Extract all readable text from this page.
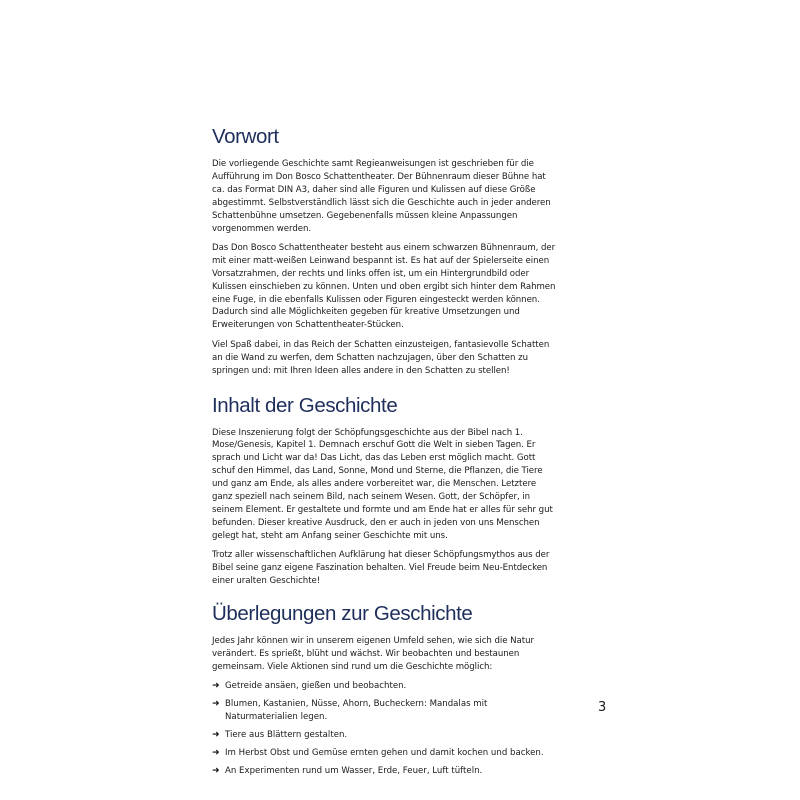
Vorwort

Die vorliegende Geschichte samt Regieanweisungen ist geschrieben für die Aufführung im Don Bosco Schattentheater. Der Bühnenraum dieser Bühne hat ca. das Format DIN A3, daher sind alle Figuren und Kulissen auf diese Größe abgestimmt. Selbstverständlich lässt sich die Geschichte auch in jeder anderen Schattenbühne umsetzen. Gegebenenfalls müssen kleine Anpassungen vorgenommen werden.

Das Don Bosco Schattentheater besteht aus einem schwarzen Bühnenraum, der mit einer matt-weißen Leinwand bespannt ist. Es hat auf der Spielerseite einen Vorsatzrahmen, der rechts und links offen ist, um ein Hintergrundbild oder Kulissen einschieben zu können. Unten und oben ergibt sich hinter dem Rahmen eine Fuge, in die ebenfalls Kulissen oder Figuren eingesteckt werden können. Dadurch sind alle Möglichkeiten gegeben für kreative Umsetzungen und Erweiterungen von Schattentheater-Stücken.

Viel Spaß dabei, in das Reich der Schatten einzusteigen, fantasievolle Schatten an die Wand zu werfen, dem Schatten nachzujagen, über den Schatten zu springen und: mit Ihren Ideen alles andere in den Schatten zu stellen!

Inhalt der Geschichte

Diese Inszenierung folgt der Schöpfungsgeschichte aus der Bibel nach 1. Mose/Genesis, Kapitel 1. Demnach erschuf Gott die Welt in sieben Tagen. Er sprach und Licht war da! Das Licht, das das Leben erst möglich macht. Gott schuf den Himmel, das Land, Sonne, Mond und Sterne, die Pflanzen, die Tiere und ganz am Ende, als alles andere vorbereitet war, die Menschen. Letztere ganz speziell nach seinem Bild, nach seinem Wesen. Gott, der Schöpfer, in seinem Element. Er gestaltete und formte und am Ende hat er alles für sehr gut befunden. Dieser kreative Ausdruck, den er auch in jeden von uns Menschen gelegt hat, steht am Anfang seiner Geschichte mit uns.

Trotz aller wissenschaftlichen Aufklärung hat dieser Schöpfungsmythos aus der Bibel seine ganz eigene Faszination behalten. Viel Freude beim Neu-Entdecken einer uralten Geschichte!

Überlegungen zur Geschichte

Jedes Jahr können wir in unserem eigenen Umfeld sehen, wie sich die Natur verändert. Es sprießt, blüht und wächst. Wir beobachten und bestaunen gemeinsam. Viele Aktionen sind rund um die Geschichte möglich:

➜ Getreide ansäen, gießen und beobachten.
➜ Blumen, Kastanien, Nüsse, Ahorn, Bucheckern: Mandalas mit Naturmaterialien legen.
➜ Tiere aus Blättern gestalten.
➜ Im Herbst Obst und Gemüse ernten gehen und damit kochen und backen.
➜ An Experimenten rund um Wasser, Erde, Feuer, Luft tüfteln.
3
